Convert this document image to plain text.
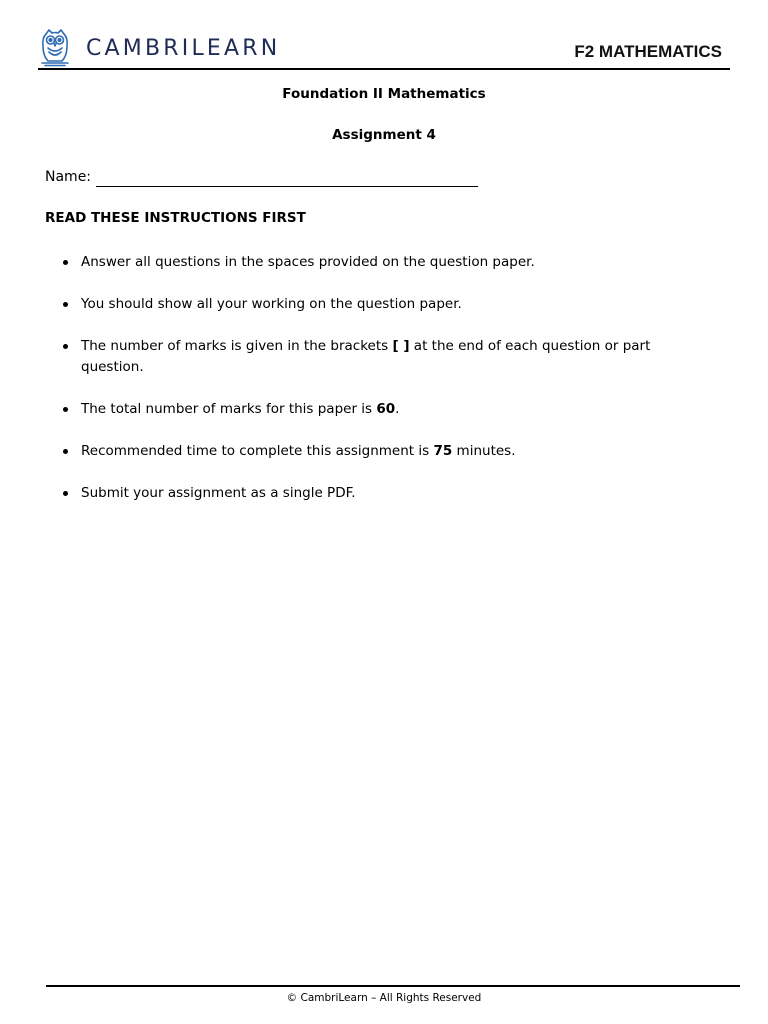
CAMBRILEARN	F2 MATHEMATICS
Foundation II Mathematics
Assignment 4
Name:
READ THESE INSTRUCTIONS FIRST
Answer all questions in the spaces provided on the question paper.
You should show all your working on the question paper.
The number of marks is given in the brackets [ ] at the end of each question or part question.
The total number of marks for this paper is 60.
Recommended time to complete this assignment is 75 minutes.
Submit your assignment as a single PDF.
© CambriLearn – All Rights Reserved
